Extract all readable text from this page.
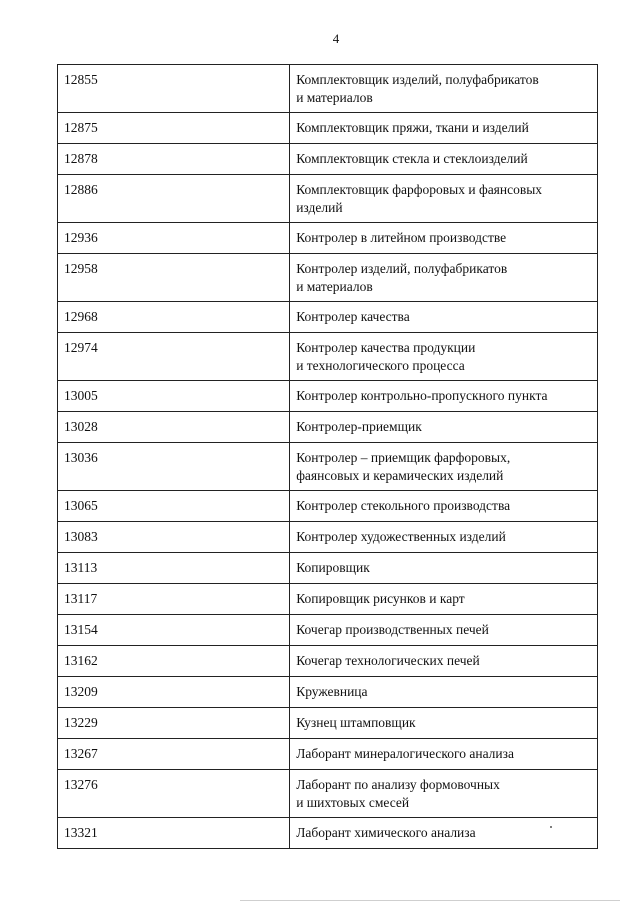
4
12855	Комплектовщик изделий, полуфабрикатов
и материалов

12875	Комплектовщик пряжи, ткани и изделий

12878	Комплектовщик стекла и стеклоизделий

12886	Комплектовщик фарфоровых и фаянсовых
изделий

12936	Контролер в литейном производстве

12958	Контролер изделий, полуфабрикатов
и материалов

12968	Контролер качества

12974	Контролер качества продукции
и технологического процесса

13005	Контролер контрольно-пропускного пункта

13028	Контролер-приемщик

13036	Контролер – приемщик фарфоровых,
фаянсовых и керамических изделий

13065	Контролер стекольного производства

13083	Контролер художественных изделий

13113	Копировщик

13117	Копировщик рисунков и карт

13154	Кочегар производственных печей

13162	Кочегар технологических печей

13209	Кружевница

13229	Кузнец штамповщик

13267	Лаборант минералогического анализа

13276	Лаборант по анализу формовочных
и шихтовых смесей

13321	Лаборант химического анализа
